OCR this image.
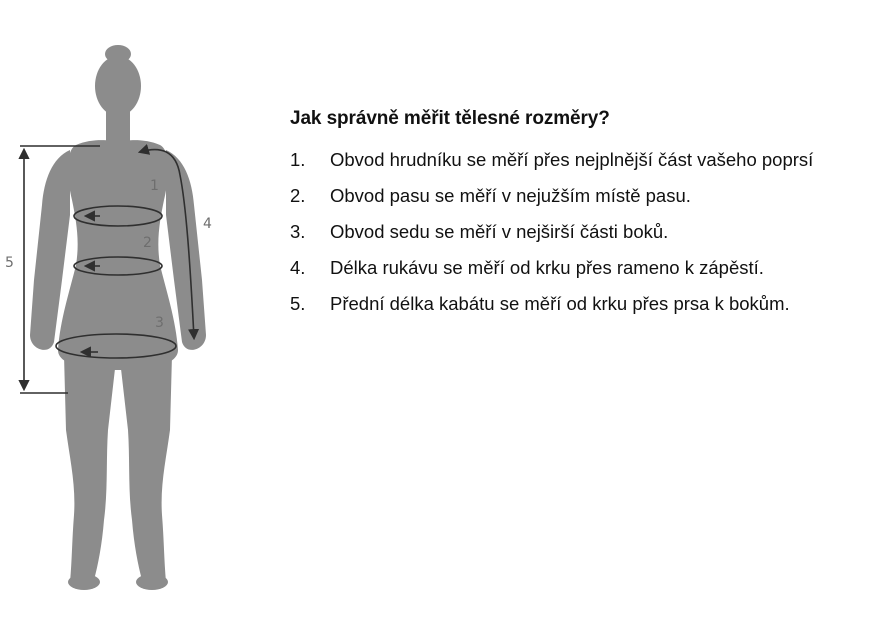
1
2
3
4
5
Jak správně měřit tělesné rozměry?
1.	Obvod hrudníku se měří přes nejplnější část vašeho poprsí
2.	Obvod pasu se měří v nejužším místě pasu.
3.	Obvod sedu se měří v nejširší části boků.
4.	Délka rukávu se měří od krku přes rameno k zápěstí.
5.	Přední délka kabátu se měří od krku přes prsa k bokům.
